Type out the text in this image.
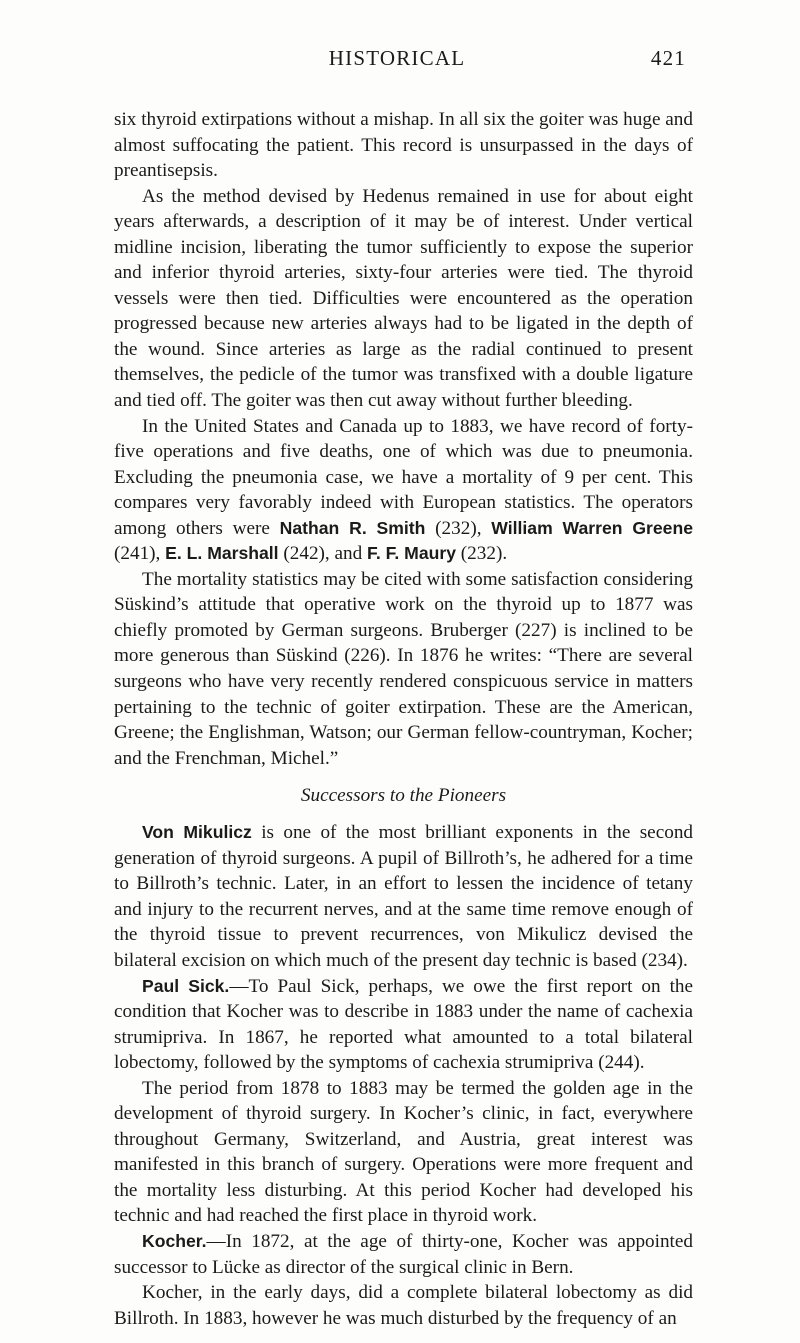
HISTORICAL	421

six thyroid extirpations without a mishap. In all six the goiter was huge and almost suffocating the patient. This record is unsurpassed in the days of preantisepsis.

As the method devised by Hedenus remained in use for about eight years afterwards, a description of it may be of interest. Under vertical midline incision, liberating the tumor sufficiently to expose the superior and inferior thyroid arteries, sixty-four arteries were tied. The thyroid vessels were then tied. Difficulties were encountered as the operation progressed because new arteries always had to be ligated in the depth of the wound. Since arteries as large as the radial continued to present themselves, the pedicle of the tumor was transfixed with a double ligature and tied off. The goiter was then cut away without further bleeding.

In the United States and Canada up to 1883, we have record of forty-five operations and five deaths, one of which was due to pneumonia. Excluding the pneumonia case, we have a mortality of 9 per cent. This compares very favorably indeed with European statistics. The operators among others were Nathan R. Smith (232), William Warren Greene (241), E. L. Marshall (242), and F. F. Maury (232).

The mortality statistics may be cited with some satisfaction considering Süskind’s attitude that operative work on the thyroid up to 1877 was chiefly promoted by German surgeons. Bruberger (227) is inclined to be more generous than Süskind (226). In 1876 he writes: “There are several surgeons who have very recently rendered conspicuous service in matters pertaining to the technic of goiter extirpation. These are the American, Greene; the Englishman, Watson; our German fellow-countryman, Kocher; and the Frenchman, Michel.”

Successors to the Pioneers

Von Mikulicz is one of the most brilliant exponents in the second generation of thyroid surgeons. A pupil of Billroth’s, he adhered for a time to Billroth’s technic. Later, in an effort to lessen the incidence of tetany and injury to the recurrent nerves, and at the same time remove enough of the thyroid tissue to prevent recurrences, von Mikulicz devised the bilateral excision on which much of the present day technic is based (234).

Paul Sick.—To Paul Sick, perhaps, we owe the first report on the condition that Kocher was to describe in 1883 under the name of cachexia strumipriva. In 1867, he reported what amounted to a total bilateral lobectomy, followed by the symptoms of cachexia strumipriva (244).

The period from 1878 to 1883 may be termed the golden age in the development of thyroid surgery. In Kocher’s clinic, in fact, everywhere throughout Germany, Switzerland, and Austria, great interest was manifested in this branch of surgery. Operations were more frequent and the mortality less disturbing. At this period Kocher had developed his technic and had reached the first place in thyroid work.

Kocher.—In 1872, at the age of thirty-one, Kocher was appointed successor to Lücke as director of the surgical clinic in Bern.

Kocher, in the early days, did a complete bilateral lobectomy as did Billroth. In 1883, however he was much disturbed by the frequency of an
